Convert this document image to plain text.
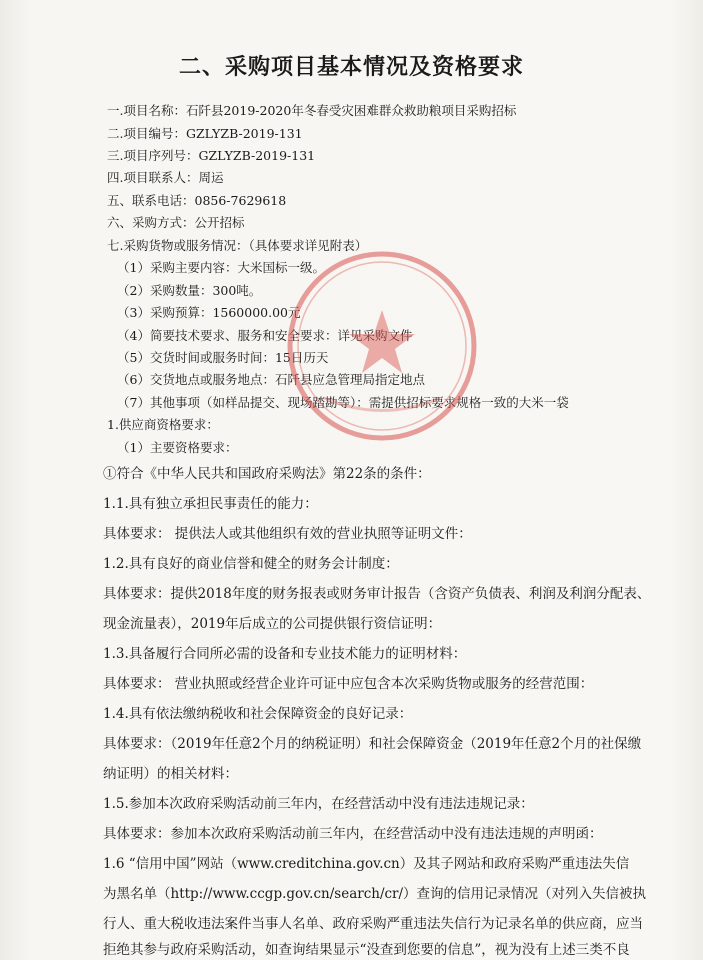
二、采购项目基本情况及资格要求
一.项目名称：石阡县2019-2020年冬春受灾困难群众救助粮项目采购招标
二.项目编号：GZLYZB-2019-131
三.项目序列号：GZLYZB-2019-131
四.项目联系人：周运
五、联系电话：0856-7629618
六、采购方式：公开招标
七.采购货物或服务情况：（具体要求详见附表）
（1）采购主要内容：大米国标一级。
（2）采购数量：300吨。
（3）采购预算：1560000.00元
（4）简要技术要求、服务和安全要求：详见采购文件
（5）交货时间或服务时间：15日历天
（6）交货地点或服务地点：石阡县应急管理局指定地点
（7）其他事项（如样品提交、现场踏勘等）：需提供招标要求规格一致的大米一袋
1.供应商资格要求：
（1）主要资格要求：
①符合《中华人民共和国政府采购法》第22条的条件：
1.1.具有独立承担民事责任的能力：
具体要求： 提供法人或其他组织有效的营业执照等证明文件：
1.2.具有良好的商业信誉和健全的财务会计制度：
具体要求：提供2018年度的财务报表或财务审计报告（含资产负债表、利润及利润分配表、
现金流量表），2019年后成立的公司提供银行资信证明：
1.3.具备履行合同所必需的设备和专业技术能力的证明材料：
具体要求： 营业执照或经营企业许可证中应包含本次采购货物或服务的经营范围：
1.4.具有依法缴纳税收和社会保障资金的良好记录：
具体要求：（2019年任意2个月的纳税证明）和社会保障资金（2019年任意2个月的社保缴
纳证明）的相关材料：
1.5.参加本次政府采购活动前三年内，在经营活动中没有违法违规记录：
具体要求：参加本次政府采购活动前三年内，在经营活动中没有违法违规的声明函：
1.6 “信用中国”网站（www.creditchina.gov.cn）及其子网站和政府采购严重违法失信
为黑名单（http://www.ccgp.gov.cn/search/cr/）查询的信用记录情况（对列入失信被执
行人、重大税收违法案件当事人名单、政府采购严重违法失信行为记录名单的供应商，应当
拒绝其参与政府采购活动，如查询结果显示“没查到您要的信息”，视为没有上述三类不良
